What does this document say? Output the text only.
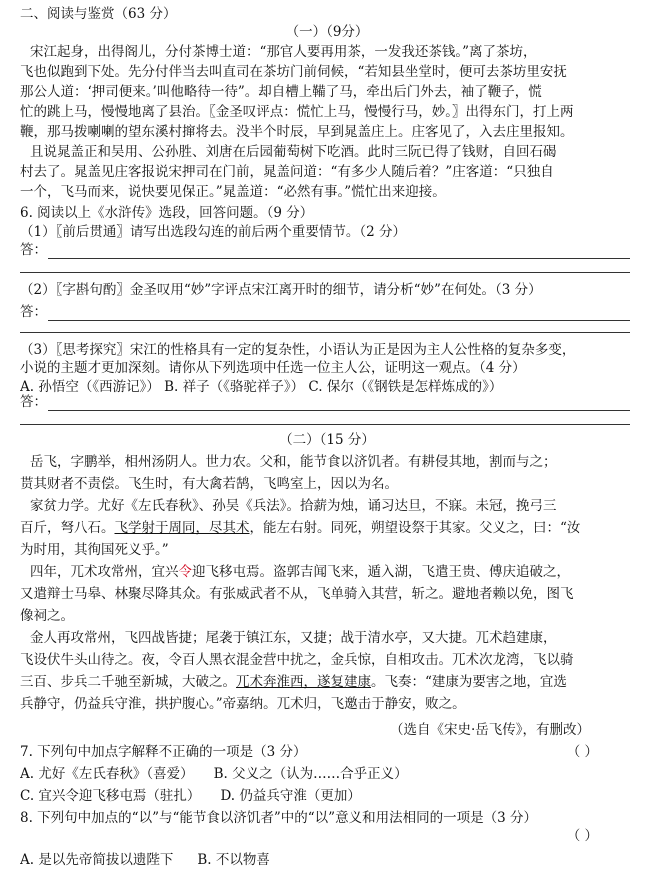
二、阅读与鉴赏（63 分）
（一）（9分）
宋江起身，出得阁儿，分付茶博士道：“那官人要再用茶，一发我还茶钱。”离了茶坊，
飞也似跑到下处。先分付伴当去叫直司在茶坊门前伺候，“若知县坐堂时，便可去茶坊里安抚
那公人道：‘押司便来。’叫他略待一待”。却自槽上鞴了马，牵出后门外去，袖了鞭子，慌
忙的跳上马，慢慢地离了县治。〖金圣叹评点：慌忙上马，慢慢行马，妙。〗出得东门，打上两
鞭，那马拨喇喇的望东溪村撺将去。没半个时辰，早到晁盖庄上。庄客见了，入去庄里报知。
且说晁盖正和吴用、公孙胜、刘唐在后园葡萄树下吃酒。此时三阮已得了钱财，自回石碣
村去了。晁盖见庄客报说宋押司在门前，晁盖问道：“有多少人随后着？”庄客道：“只独自
一个，飞马而来，说快要见保正。”晁盖道：“必然有事。”慌忙出来迎接。
6. 阅读以上《水浒传》选段，回答问题。（9 分）
（1）〖前后贯通〗请写出选段勾连的前后两个重要情节。（2 分）
答：
（2）〖字斟句酌〗金圣叹用“妙”字评点宋江离开时的细节，请分析“妙”在何处。（3 分）
答：
（3）〖思考探究〗宋江的性格具有一定的复杂性，小语认为正是因为主人公性格的复杂多变，
小说的主题才更加深刻。请你从下列选项中任选一位主人公，证明这一观点。（4 分）
A. 孙悟空（《西游记》） B. 祥子（《骆驼祥子》） C. 保尔（《钢铁是怎样炼成的》）
答：
（二）（15 分）
岳飞，字鹏举，相州汤阴人。世力农。父和，能节食以济饥者。有耕侵其地，割而与之；
贳其财者不责偿。飞生时，有大禽若鹄，飞鸣室上，因以为名。
家贫力学。尤好《左氏春秋》、孙吴《兵法》。拾薪为烛，诵习达旦，不寐。未冠，挽弓三
百斤，弩八石。飞学射于周同，尽其术，能左右射。同死，朔望设祭于其家。父义之，曰：“汝
为时用，其徇国死义乎。”
四年，兀术攻常州，宜兴令迎飞移屯焉。盗郭吉闻飞来，遁入湖，飞遣王贵、傅庆追破之，
又遣辩士马皋、林聚尽降其众。有张威武者不从，飞单骑入其营，斩之。避地者赖以免，图飞
像祠之。
金人再攻常州，飞四战皆捷；尾袭于镇江东，又捷；战于清水亭，又大捷。兀术趋建康，
飞设伏牛头山待之。夜，令百人黑衣混金营中扰之，金兵惊，自相攻击。兀术次龙湾，飞以骑
三百、步兵二千驰至新城，大破之。兀术奔淮西，遂复建康。飞奏：“建康为要害之地，宜选
兵静守，仍益兵守淮，拱护腹心。”帝嘉纳。兀术归，飞邀击于静安，败之。
（选自《宋史·岳飞传》，有删改）
7. 下列句中加点字解释不正确的一项是（3 分）	（ ）
A. 尤好《左氏春秋》（喜爱） B. 父义之（认为……合乎正义）
C. 宜兴令迎飞移屯焉（驻扎） D. 仍益兵守淮（更加）
8. 下列句中加点的“以”与“能节食以济饥者”中的“以”意义和用法相同的一项是（3 分）
（ ）
A. 是以先帝简拔以遗陛下 B. 不以物喜
